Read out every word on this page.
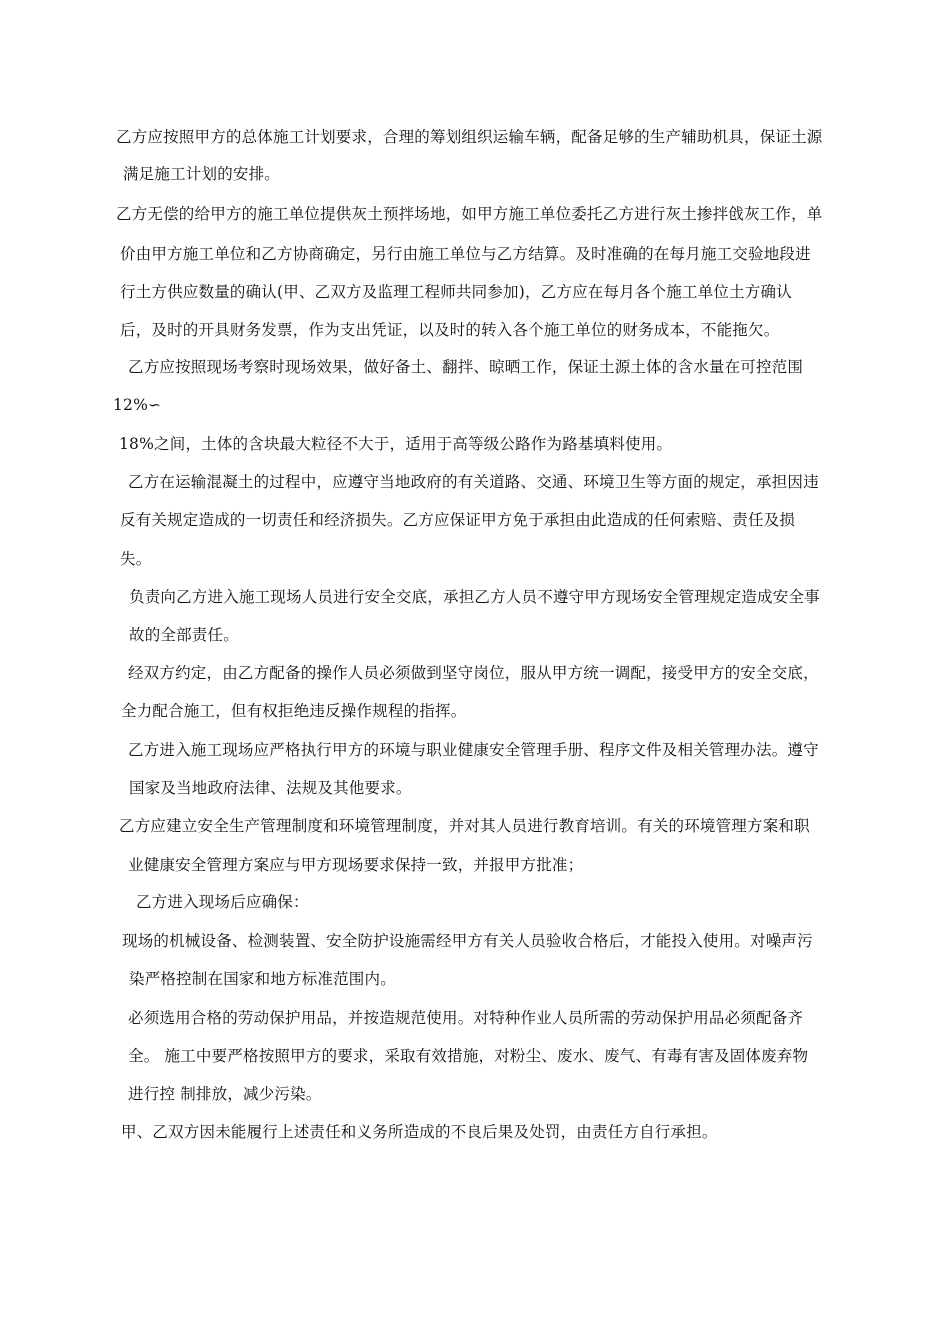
乙方应按照甲方的总体施工计划要求，合理的筹划组织运输车辆，配备足够的生产辅助机具，保证土源
满足施工计划的安排。
乙方无偿的给甲方的施工单位提供灰土预拌场地，如甲方施工单位委托乙方进行灰土掺拌戗灰工作，单
价由甲方施工单位和乙方协商确定，另行由施工单位与乙方结算。及时准确的在每月施工交验地段进
行土方供应数量的确认(甲、乙双方及监理工程师共同参加)，乙方应在每月各个施工单位土方确认
后，及时的开具财务发票，作为支出凭证，以及时的转入各个施工单位的财务成本，不能拖欠。
乙方应按照现场考察时现场效果，做好备土、翻拌、晾晒工作，保证土源土体的含水量在可控范围
12%∽
18%之间，土体的含块最大粒径不大于，适用于高等级公路作为路基填料使用。
乙方在运输混凝土的过程中，应遵守当地政府的有关道路、交通、环境卫生等方面的规定，承担因违
反有关规定造成的一切责任和经济损失。乙方应保证甲方免于承担由此造成的任何索赔、责任及损
失。
负责向乙方进入施工现场人员进行安全交底，承担乙方人员不遵守甲方现场安全管理规定造成安全事
故的全部责任。
经双方约定，由乙方配备的操作人员必须做到坚守岗位，服从甲方统一调配，接受甲方的安全交底，
全力配合施工，但有权拒绝违反操作规程的指挥。
乙方进入施工现场应严格执行甲方的环境与职业健康安全管理手册、程序文件及相关管理办法。遵守
国家及当地政府法律、法规及其他要求。
乙方应建立安全生产管理制度和环境管理制度，并对其人员进行教育培训。有关的环境管理方案和职
业健康安全管理方案应与甲方现场要求保持一致，并报甲方批准；
乙方进入现场后应确保：
现场的机械设备、检测装置、安全防护设施需经甲方有关人员验收合格后，才能投入使用。对噪声污
染严格控制在国家和地方标准范围内。
必须选用合格的劳动保护用品，并按造规范使用。对特种作业人员所需的劳动保护用品必须配备齐
全。 施工中要严格按照甲方的要求，采取有效措施，对粉尘、废水、废气、有毒有害及固体废弃物
进行控 制排放，减少污染。
甲、乙双方因未能履行上述责任和义务所造成的不良后果及处罚，由责任方自行承担。
